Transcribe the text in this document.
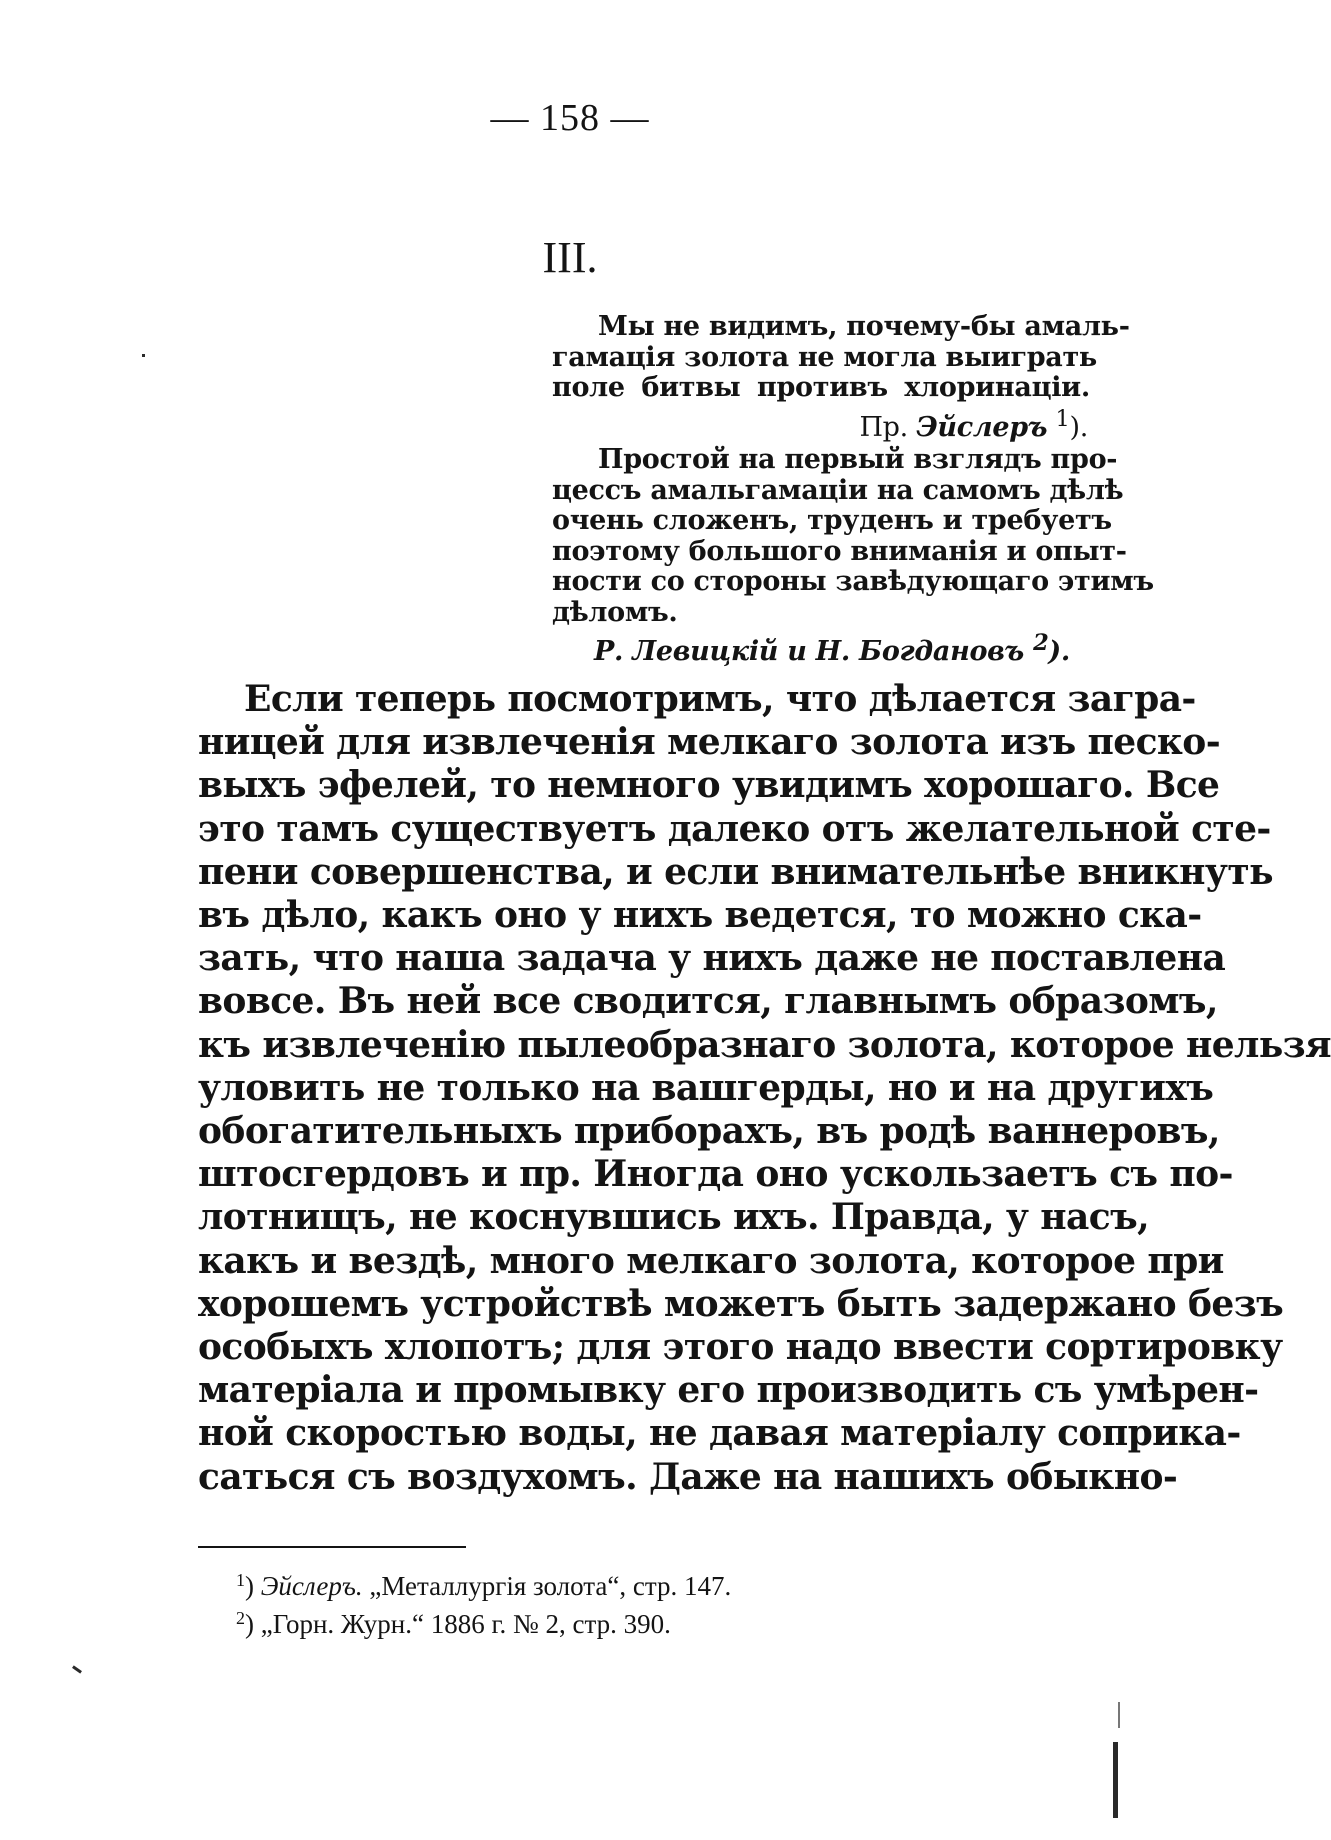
— 158 —
III.
Мы не видимъ, почему-бы амаль-
гамація золота не могла выиграть
поле битвы противъ хлоринаціи.
Пр. Эйслеръ $^1$).
Простой на первый взглядъ про-
цессъ амальгамаціи на самомъ дѣлѣ
очень сложенъ, труденъ и требуетъ
поэтому большого вниманія и опыт-
ности со стороны завѣдующаго этимъ
дѣломъ.
Р. Левицкій и Н. Богдановъ $^2$).
Если теперь посмотримъ, что дѣлается загра-
ницей для извлеченія мелкаго золота изъ песко-
выхъ эфелей, то немного увидимъ хорошаго. Все
это тамъ существуетъ далеко отъ желательной сте-
пени совершенства, и если внимательнѣе вникнуть
въ дѣло, какъ оно у нихъ ведется, то можно ска-
зать, что наша задача у нихъ даже не поставлена
вовсе. Въ ней все сводится, главнымъ образомъ,
къ извлеченію пылеобразнаго золота, которое нельзя
уловить не только на вашгерды, но и на другихъ
обогатительныхъ приборахъ, въ родѣ ваннеровъ,
штосгердовъ и пр. Иногда оно ускользаетъ съ по-
лотнищъ, не коснувшись ихъ. Правда, у насъ,
какъ и вездѣ, много мелкаго золота, которое при
хорошемъ устройствѣ можетъ быть задержано безъ
особыхъ хлопотъ; для этого надо ввести сортировку
матеріала и промывку его производить съ умѣрен-
ной скоростью воды, не давая матеріалу соприка-
саться съ воздухомъ. Даже на нашихъ обыкно-
$^1$) Эйслеръ. „Металлургія золота“, стр. 147.
$^2$) „Горн. Журн.“ 1886 г. № 2, стр. 390.
